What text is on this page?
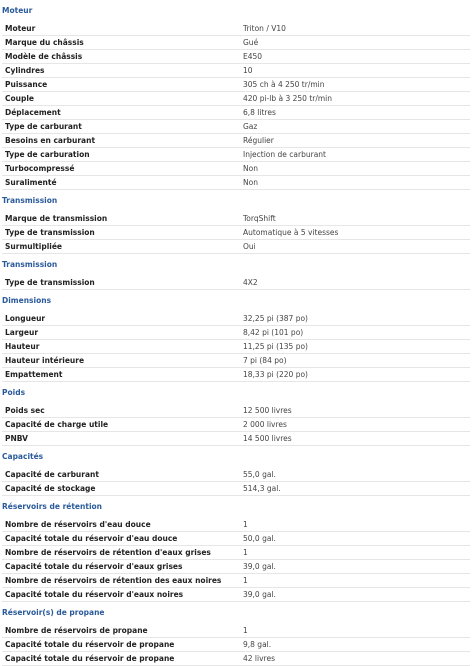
Moteur
Moteur	Triton / V10
Marque du châssis	Gué
Modèle de châssis	E450
Cylindres	10
Puissance	305 ch à 4 250 tr/min
Couple	420 pi-lb à 3 250 tr/min
Déplacement	6,8 litres
Type de carburant	Gaz
Besoins en carburant	Régulier
Type de carburation	Injection de carburant
Turbocompressé	Non
Suralimenté	Non
Transmission
Marque de transmission	TorqShift
Type de transmission	Automatique à 5 vitesses
Surmultipliée	Oui
Transmission
Type de transmission	4X2
Dimensions
Longueur	32,25 pi (387 po)
Largeur	8,42 pi (101 po)
Hauteur	11,25 pi (135 po)
Hauteur intérieure	7 pi (84 po)
Empattement	18,33 pi (220 po)
Poids
Poids sec	12 500 livres
Capacité de charge utile	2 000 livres
PNBV	14 500 livres
Capacités
Capacité de carburant	55,0 gal.
Capacité de stockage	514,3 gal.
Réservoirs de rétention
Nombre de réservoirs d'eau douce	1
Capacité totale du réservoir d'eau douce	50,0 gal.
Nombre de réservoirs de rétention d'eaux grises	1
Capacité totale du réservoir d'eaux grises	39,0 gal.
Nombre de réservoirs de rétention des eaux noires	1
Capacité totale du réservoir d'eaux noires	39,0 gal.
Réservoir(s) de propane
Nombre de réservoirs de propane	1
Capacité totale du réservoir de propane	9,8 gal.
Capacité totale du réservoir de propane	42 livres
